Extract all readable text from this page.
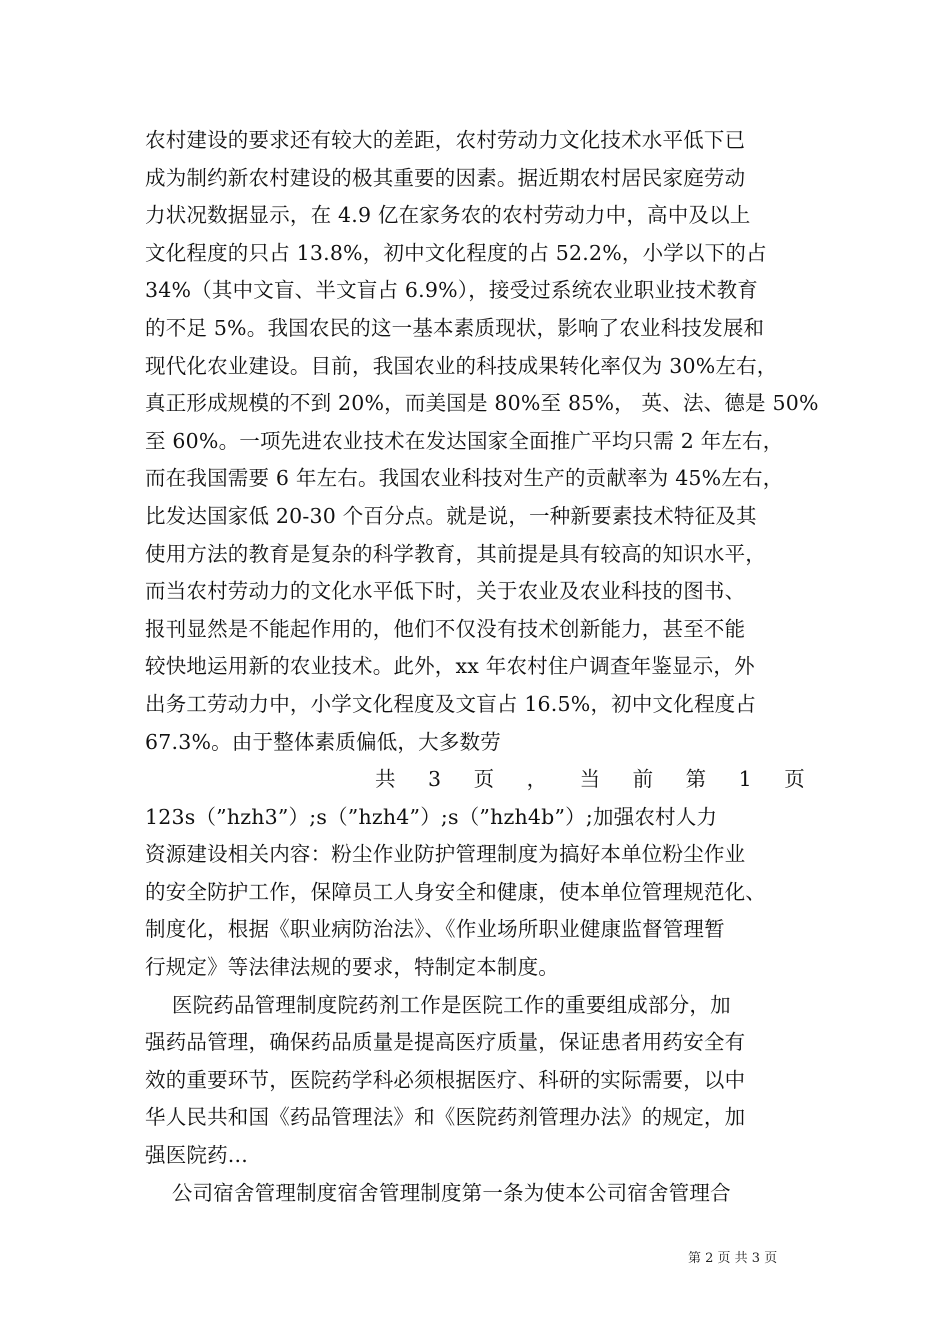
农村建设的要求还有较大的差距，农村劳动力文化技术水平低下已
成为制约新农村建设的极其重要的因素。据近期农村居民家庭劳动
力状况数据显示，在 4.9 亿在家务农的农村劳动力中，高中及以上
文化程度的只占 13.8%，初中文化程度的占 52.2%，小学以下的占
34%（其中文盲、半文盲占 6.9%），接受过系统农业职业技术教育
的不足 5%。我国农民的这一基本素质现状，影响了农业科技发展和
现代化农业建设。目前，我国农业的科技成果转化率仅为 30%左右，
真正形成规模的不到 20%，而美国是 80%至 85%， 英、法、德是 50%
至 60%。一项先进农业技术在发达国家全面推广平均只需 2 年左右，
而在我国需要 6 年左右。我国农业科技对生产的贡献率为 45%左右，
比发达国家低 20-30 个百分点。就是说，一种新要素技术特征及其
使用方法的教育是复杂的科学教育，其前提是具有较高的知识水平，
而当农村劳动力的文化水平低下时，关于农业及农业科技的图书、
报刊显然是不能起作用的，他们不仅没有技术创新能力，甚至不能
较快地运用新的农业技术。此外，xx 年农村住户调查年鉴显示，外
出务工劳动力中，小学文化程度及文盲占 16.5%，初中文化程度占
67.3%。由于整体素质偏低，大多数劳
共 3 页 ， 当 前 第 1 页
123s（”hzh3”）;s（”hzh4”）;s（”hzh4b”）;加强农村人力
资源建设相关内容：粉尘作业防护管理制度为搞好本单位粉尘作业
的安全防护工作，保障员工人身安全和健康，使本单位管理规范化、
制度化，根据《职业病防治法》、《作业场所职业健康监督管理暂
行规定》等法律法规的要求，特制定本制度。
医院药品管理制度院药剂工作是医院工作的重要组成部分，加
强药品管理，确保药品质量是提高医疗质量，保证患者用药安全有
效的重要环节，医院药学科必须根据医疗、科研的实际需要，以中
华人民共和国《药品管理法》和《医院药剂管理办法》的规定，加
强医院药...
公司宿舍管理制度宿舍管理制度第一条为使本公司宿舍管理合
第 2 页 共 3 页
